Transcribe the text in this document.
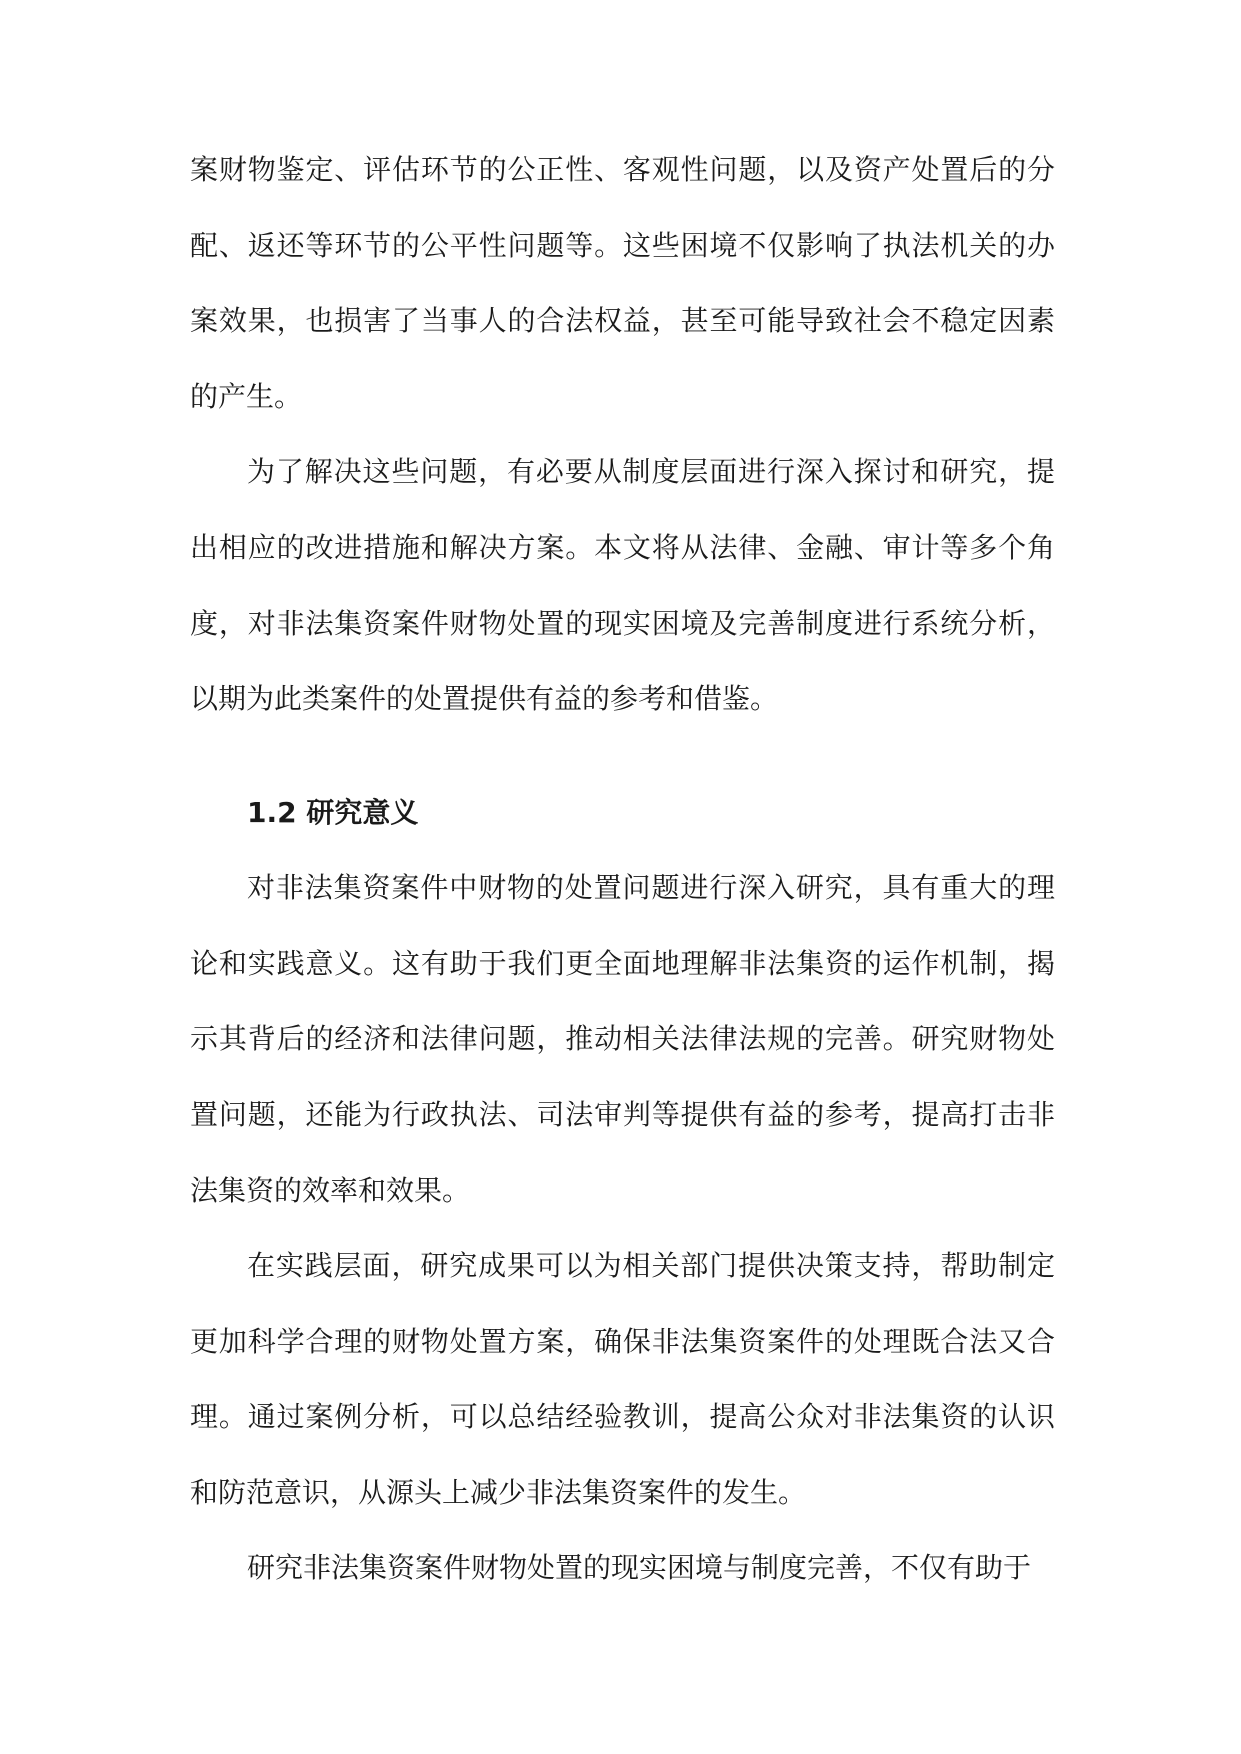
案财物鉴定、评估环节的公正性、客观性问题，以及资产处置后的分配、返还等环节的公平性问题等。这些困境不仅影响了执法机关的办案效果，也损害了当事人的合法权益，甚至可能导致社会不稳定因素的产生。

为了解决这些问题，有必要从制度层面进行深入探讨和研究，提出相应的改进措施和解决方案。本文将从法律、金融、审计等多个角度，对非法集资案件财物处置的现实困境及完善制度进行系统分析，以期为此类案件的处置提供有益的参考和借鉴。

1.2 研究意义

对非法集资案件中财物的处置问题进行深入研究，具有重大的理论和实践意义。这有助于我们更全面地理解非法集资的运作机制，揭示其背后的经济和法律问题，推动相关法律法规的完善。研究财物处置问题，还能为行政执法、司法审判等提供有益的参考，提高打击非法集资的效率和效果。

在实践层面，研究成果可以为相关部门提供决策支持，帮助制定更加科学合理的财物处置方案，确保非法集资案件的处理既合法又合理。通过案例分析，可以总结经验教训，提高公众对非法集资的认识和防范意识，从源头上减少非法集资案件的发生。

研究非法集资案件财物处置的现实困境与制度完善，不仅有助于
